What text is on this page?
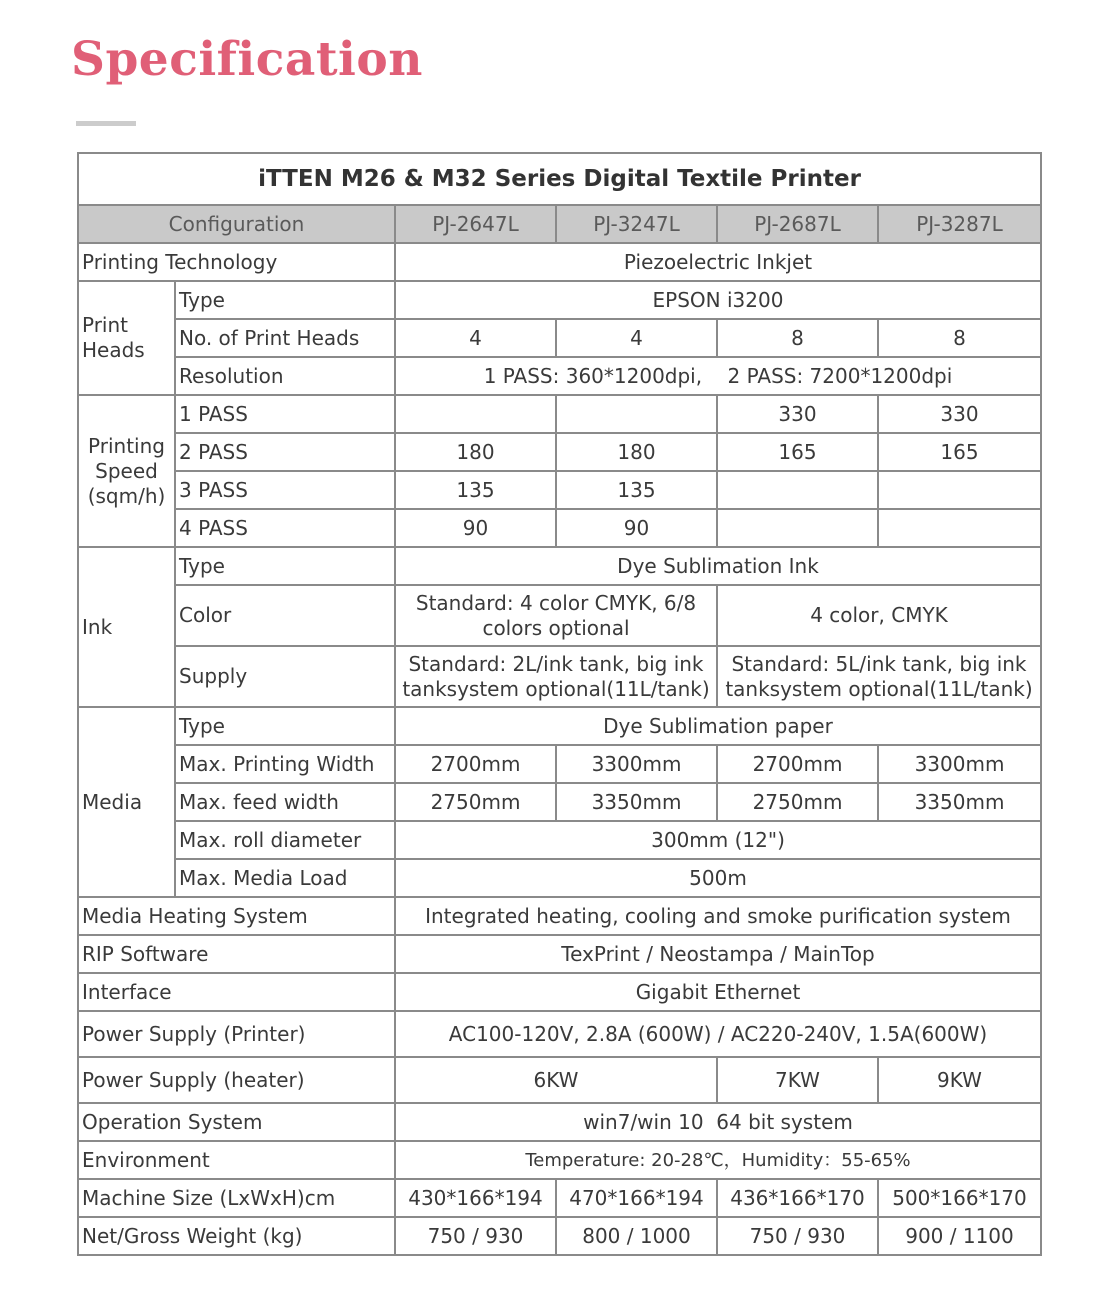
Specification
iTTEN M26 & M32 Series Digital Textile Printer					
Configuration		PJ-2647L	PJ-3247L	PJ-2687L	PJ-3287L
Printing Technology		Piezoelectric Inkjet			
Print Heads	Type	EPSON i3200			
	No. of Print Heads	4	4	8	8
	Resolution	1 PASS: 360*1200dpi,    2 PASS: 7200*1200dpi			
Printing Speed (sqm/h)	1 PASS			330	330
	2 PASS	180	180	165	165
	3 PASS	135	135		
	4 PASS	90	90		
Ink	Type	Dye Sublimation Ink			
	Color	Standard: 4 color CMYK, 6/8 colors optional		4 color, CMYK	
	Supply	Standard: 2L/ink tank, big ink tanksystem optional(11L/tank)		Standard: 5L/ink tank, big ink tanksystem optional(11L/tank)	
Media	Type	Dye Sublimation paper			
	Max. Printing Width	2700mm	3300mm	2700mm	3300mm
	Max. feed width	2750mm	3350mm	2750mm	3350mm
	Max. roll diameter	300mm (12")			
	Max. Media Load	500m			
Media Heating System		Integrated heating, cooling and smoke purification system			
RIP Software		TexPrint / Neostampa / MainTop			
Interface		Gigabit Ethernet			
Power Supply (Printer)		AC100-120V, 2.8A (600W) / AC220-240V, 1.5A(600W)			
Power Supply (heater)		6KW		7KW	9KW
Operation System		win7/win 10  64 bit system			
Environment		Temperature: 20-28℃，Humidity：55-65%			
Machine Size (LxWxH)cm		430*166*194	470*166*194	436*166*170	500*166*170
Net/Gross Weight (kg)		750 / 930	800 / 1000	750 / 930	900 / 1100
